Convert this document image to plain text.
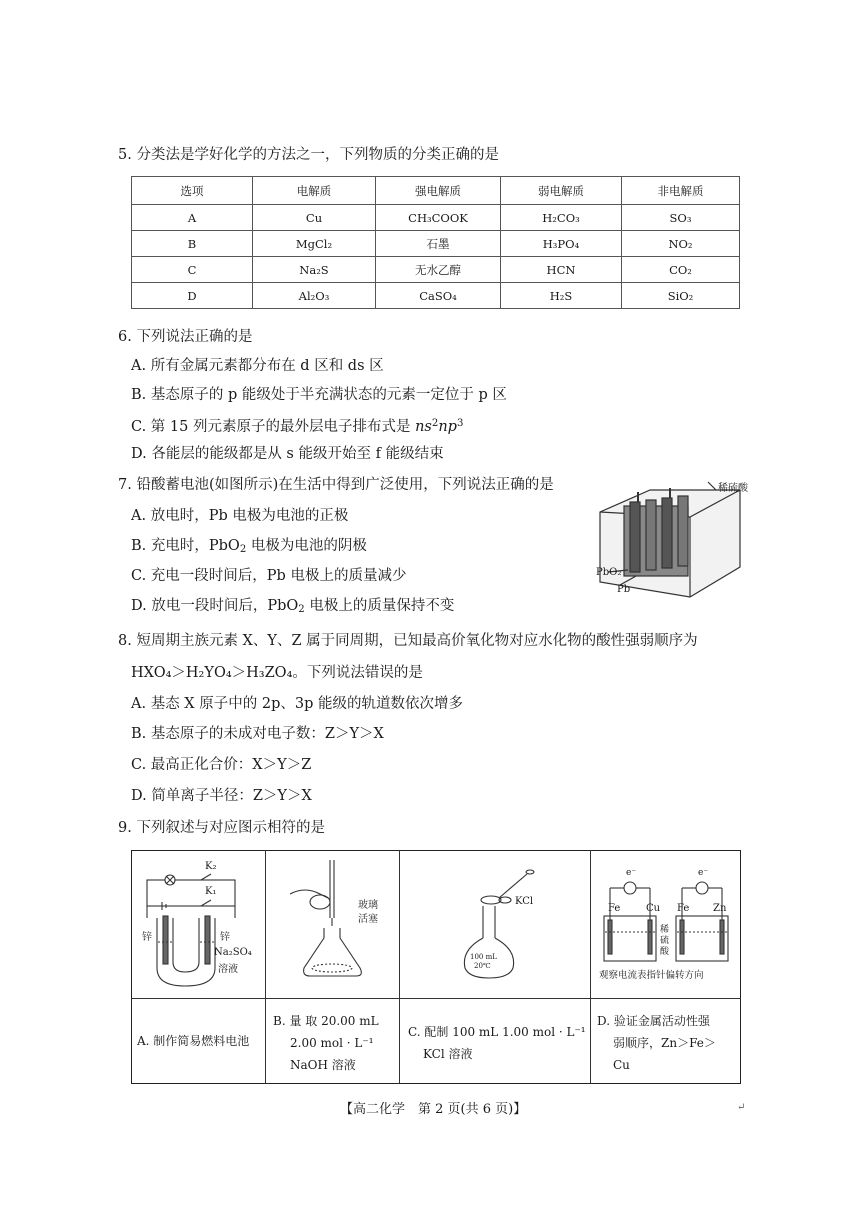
5. 分类法是学好化学的方法之一，下列物质的分类正确的是
选项	电解质	强电解质	弱电解质	非电解质
A	Cu	CH₃COOK	H₂CO₃	SO₃
B	MgCl₂	石墨	H₃PO₄	NO₂
C	Na₂S	无水乙醇	HCN	CO₂
D	Al₂O₃	CaSO₄	H₂S	SiO₂
6. 下列说法正确的是
A. 所有金属元素都分布在 d 区和 ds 区
B. 基态原子的 p 能级处于半充满状态的元素一定位于 p 区
C. 第 15 列元素原子的最外层电子排布式是 $ns^2np^3$
D. 各能层的能级都是从 s 能级开始至 f 能级结束
7. 铅酸蓄电池(如图所示)在生活中得到广泛使用，下列说法正确的是
A. 放电时，Pb 电极为电池的正极
B. 充电时，PbO2 电极为电池的阴极
C. 充电一段时间后，Pb 电极上的质量减少
D. 放电一段时间后，PbO2 电极上的质量保持不变
稀硫酸
PbO₂
Pb
8. 短周期主族元素 X、Y、Z 属于同周期，已知最高价氧化物对应水化物的酸性强弱顺序为
HXO₄＞H₂YO₄＞H₃ZO₄。下列说法错误的是
A. 基态 X 原子中的 2p、3p 能级的轨道数依次增多
B. 基态原子的未成对电子数：Z＞Y＞X
C. 最高正化合价：X＞Y＞Z
D. 简单离子半径：Z＞Y＞X
9. 下列叙述与对应图示相符的是
K₂
K₁
锌	锌
Na₂SO₄
溶液
玻璃
活塞
KCl
100 mL
20℃
e⁻	e⁻
Fe	Cu Fe Zn
稀
硫
酸
观察电流表指针偏转方向
A. 制作简易燃料电池
B. 量 取 20.00 mL
2.00 mol · L⁻¹
NaOH 溶液
C. 配制 100 mL 1.00 mol · L⁻¹
KCl 溶液
D. 验证金属活动性强
弱顺序，Zn＞Fe＞
Cu
【高二化学　第 2 页(共 6 页)】	↵
